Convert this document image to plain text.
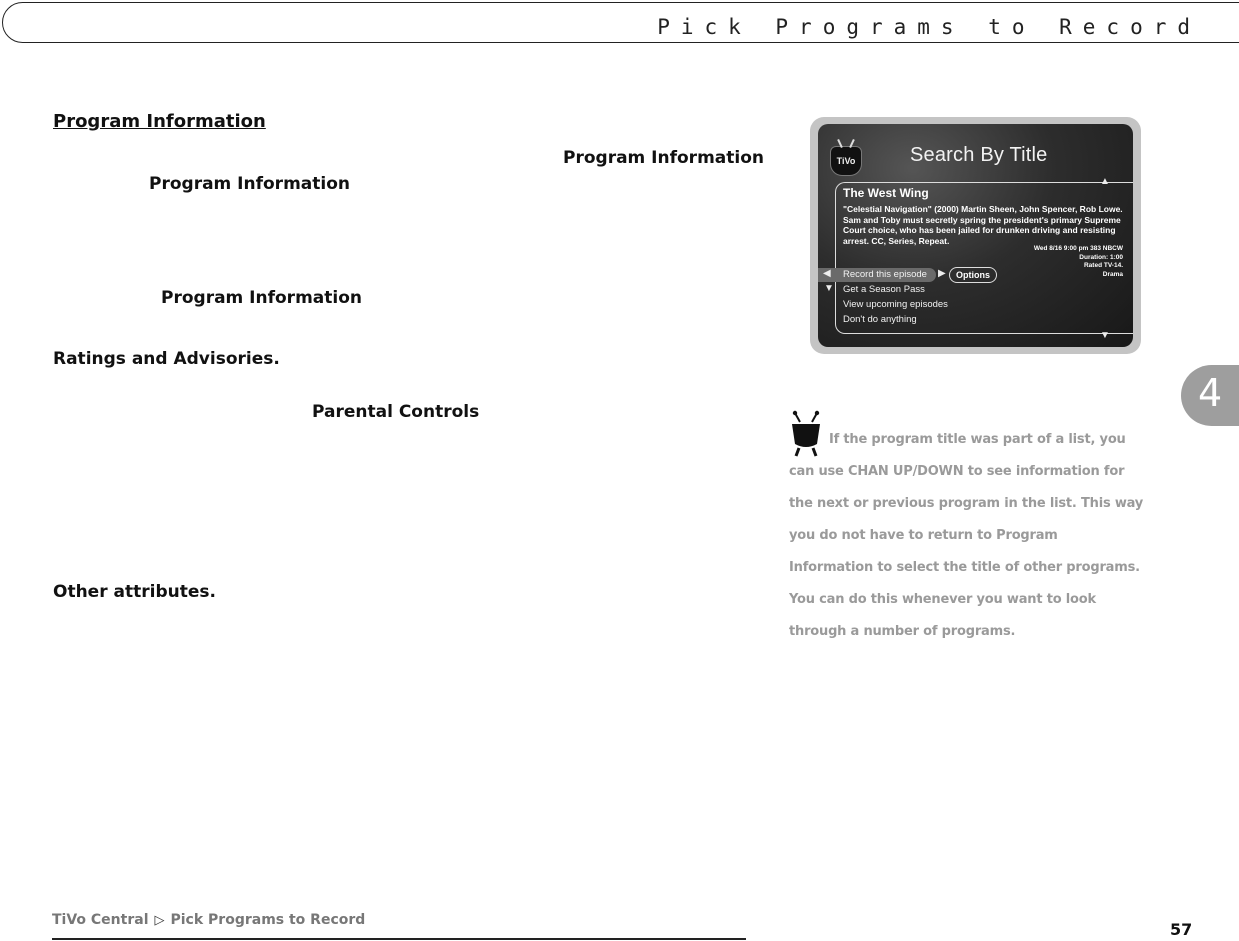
Pick Programs to Record
Program Information
Program Information
Program Information
Program Information
Ratings and Advisories.
Parental Controls
Other attributes.
TiVo	Search By Title
▲
The West Wing
"Celestial Navigation" (2000) Martin Sheen, John Spencer, Rob Lowe. Sam and Toby must secretly spring the president's primary Supreme Court choice, who has been jailed for drunken driving and resisting arrest. CC, Series, Repeat.
Wed 8/16 9:00 pm 383 NBCW
Duration: 1:00
Rated TV-14.
Drama
◀ Record this episode ▶	Options
▼ Get a Season Pass
View upcoming episodes
Don't do anything
▼
4
If the program title was part of a list, you can use CHAN UP/DOWN to see information for the next or previous program in the list. This way you do not have to return to Program Information to select the title of other programs. You can do this whenever you want to look through a number of programs.
TiVo Central ▷ Pick Programs to Record	57
